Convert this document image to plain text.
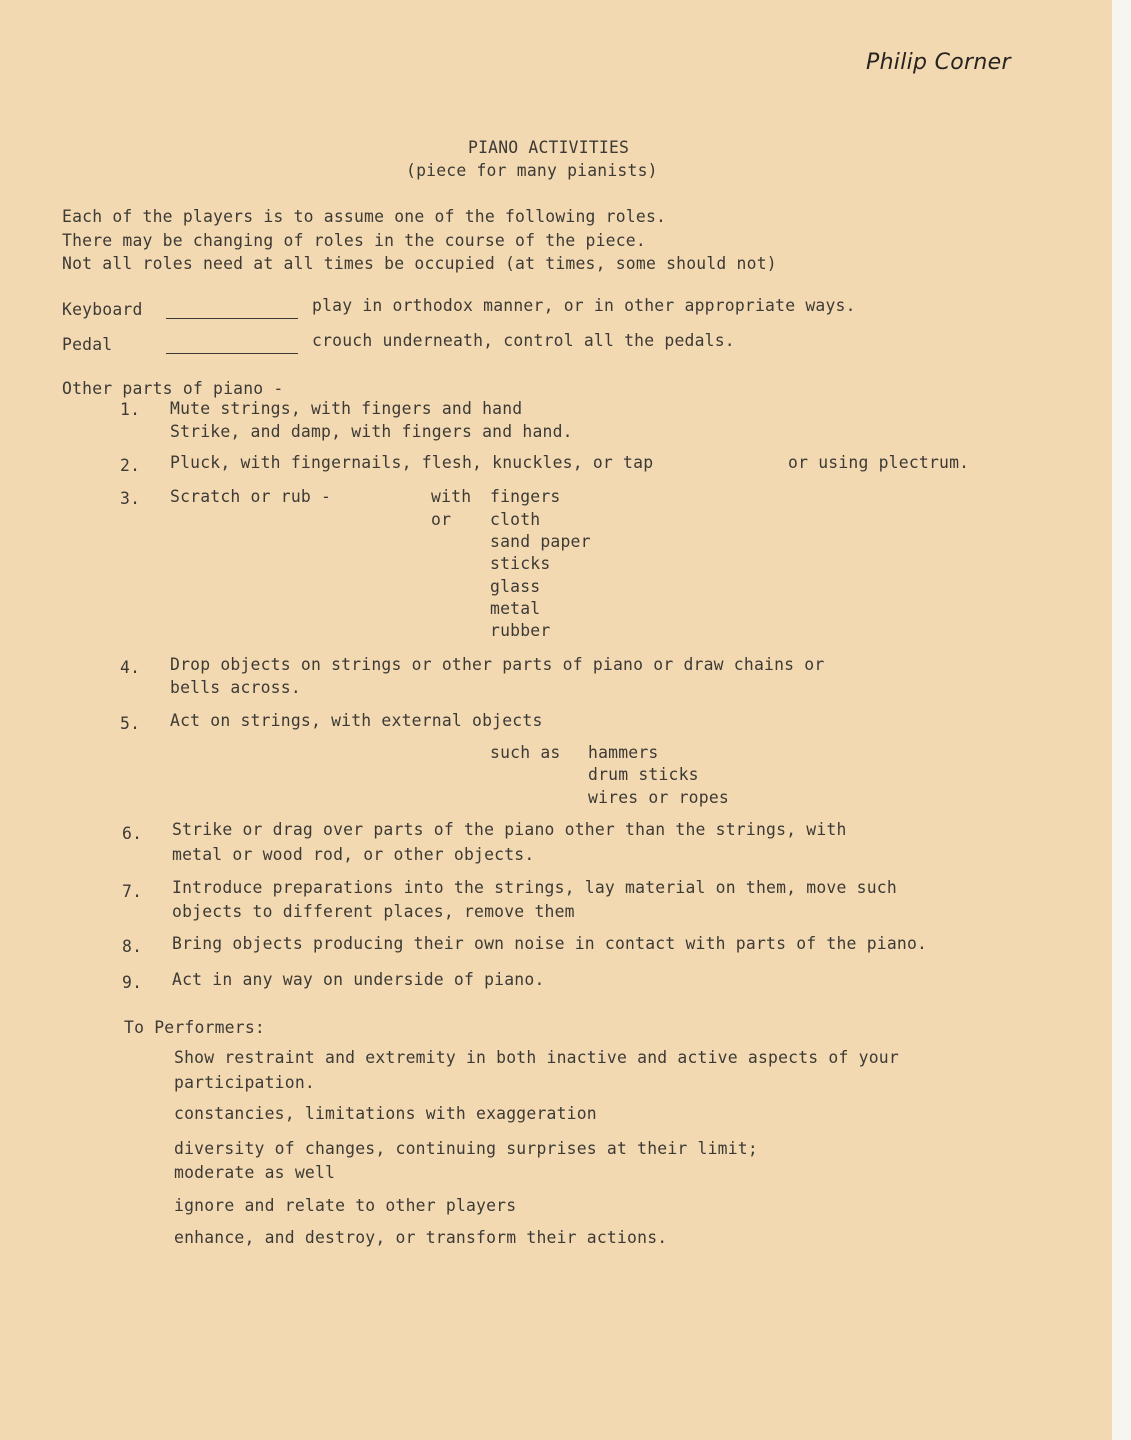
Philip Corner
PIANO ACTIVITIES
(piece for many pianists)
Each of the players is to assume one of the following roles.
There may be changing of roles in the course of the piece.
Not all roles need at all times be occupied (at times, some should not)
Keyboard	play in orthodox manner, or in other appropriate ways.
Pedal	crouch underneath, control all the pedals.
Other parts of piano -
1. Mute strings, with fingers and hand
Strike, and damp, with fingers and hand.
2. Pluck, with fingernails, flesh, knuckles, or tap	or using plectrum.
3. Scratch or rub -	with
or
fingers
cloth
sand paper
sticks
glass
metal
rubber
4. Drop objects on strings or other parts of piano or draw chains or
bells across.
5. Act on strings, with external objects
such as hammers
drum sticks
wires or ropes
6. Strike or drag over parts of the piano other than the strings, with
metal or wood rod, or other objects.
7. Introduce preparations into the strings, lay material on them, move such
objects to different places, remove them
8. Bring objects producing their own noise in contact with parts of the piano.
9. Act in any way on underside of piano.
To Performers:
Show restraint and extremity in both inactive and active aspects of your
participation.
constancies, limitations with exaggeration
diversity of changes, continuing surprises at their limit;
moderate as well
ignore and relate to other players
enhance, and destroy, or transform their actions.
